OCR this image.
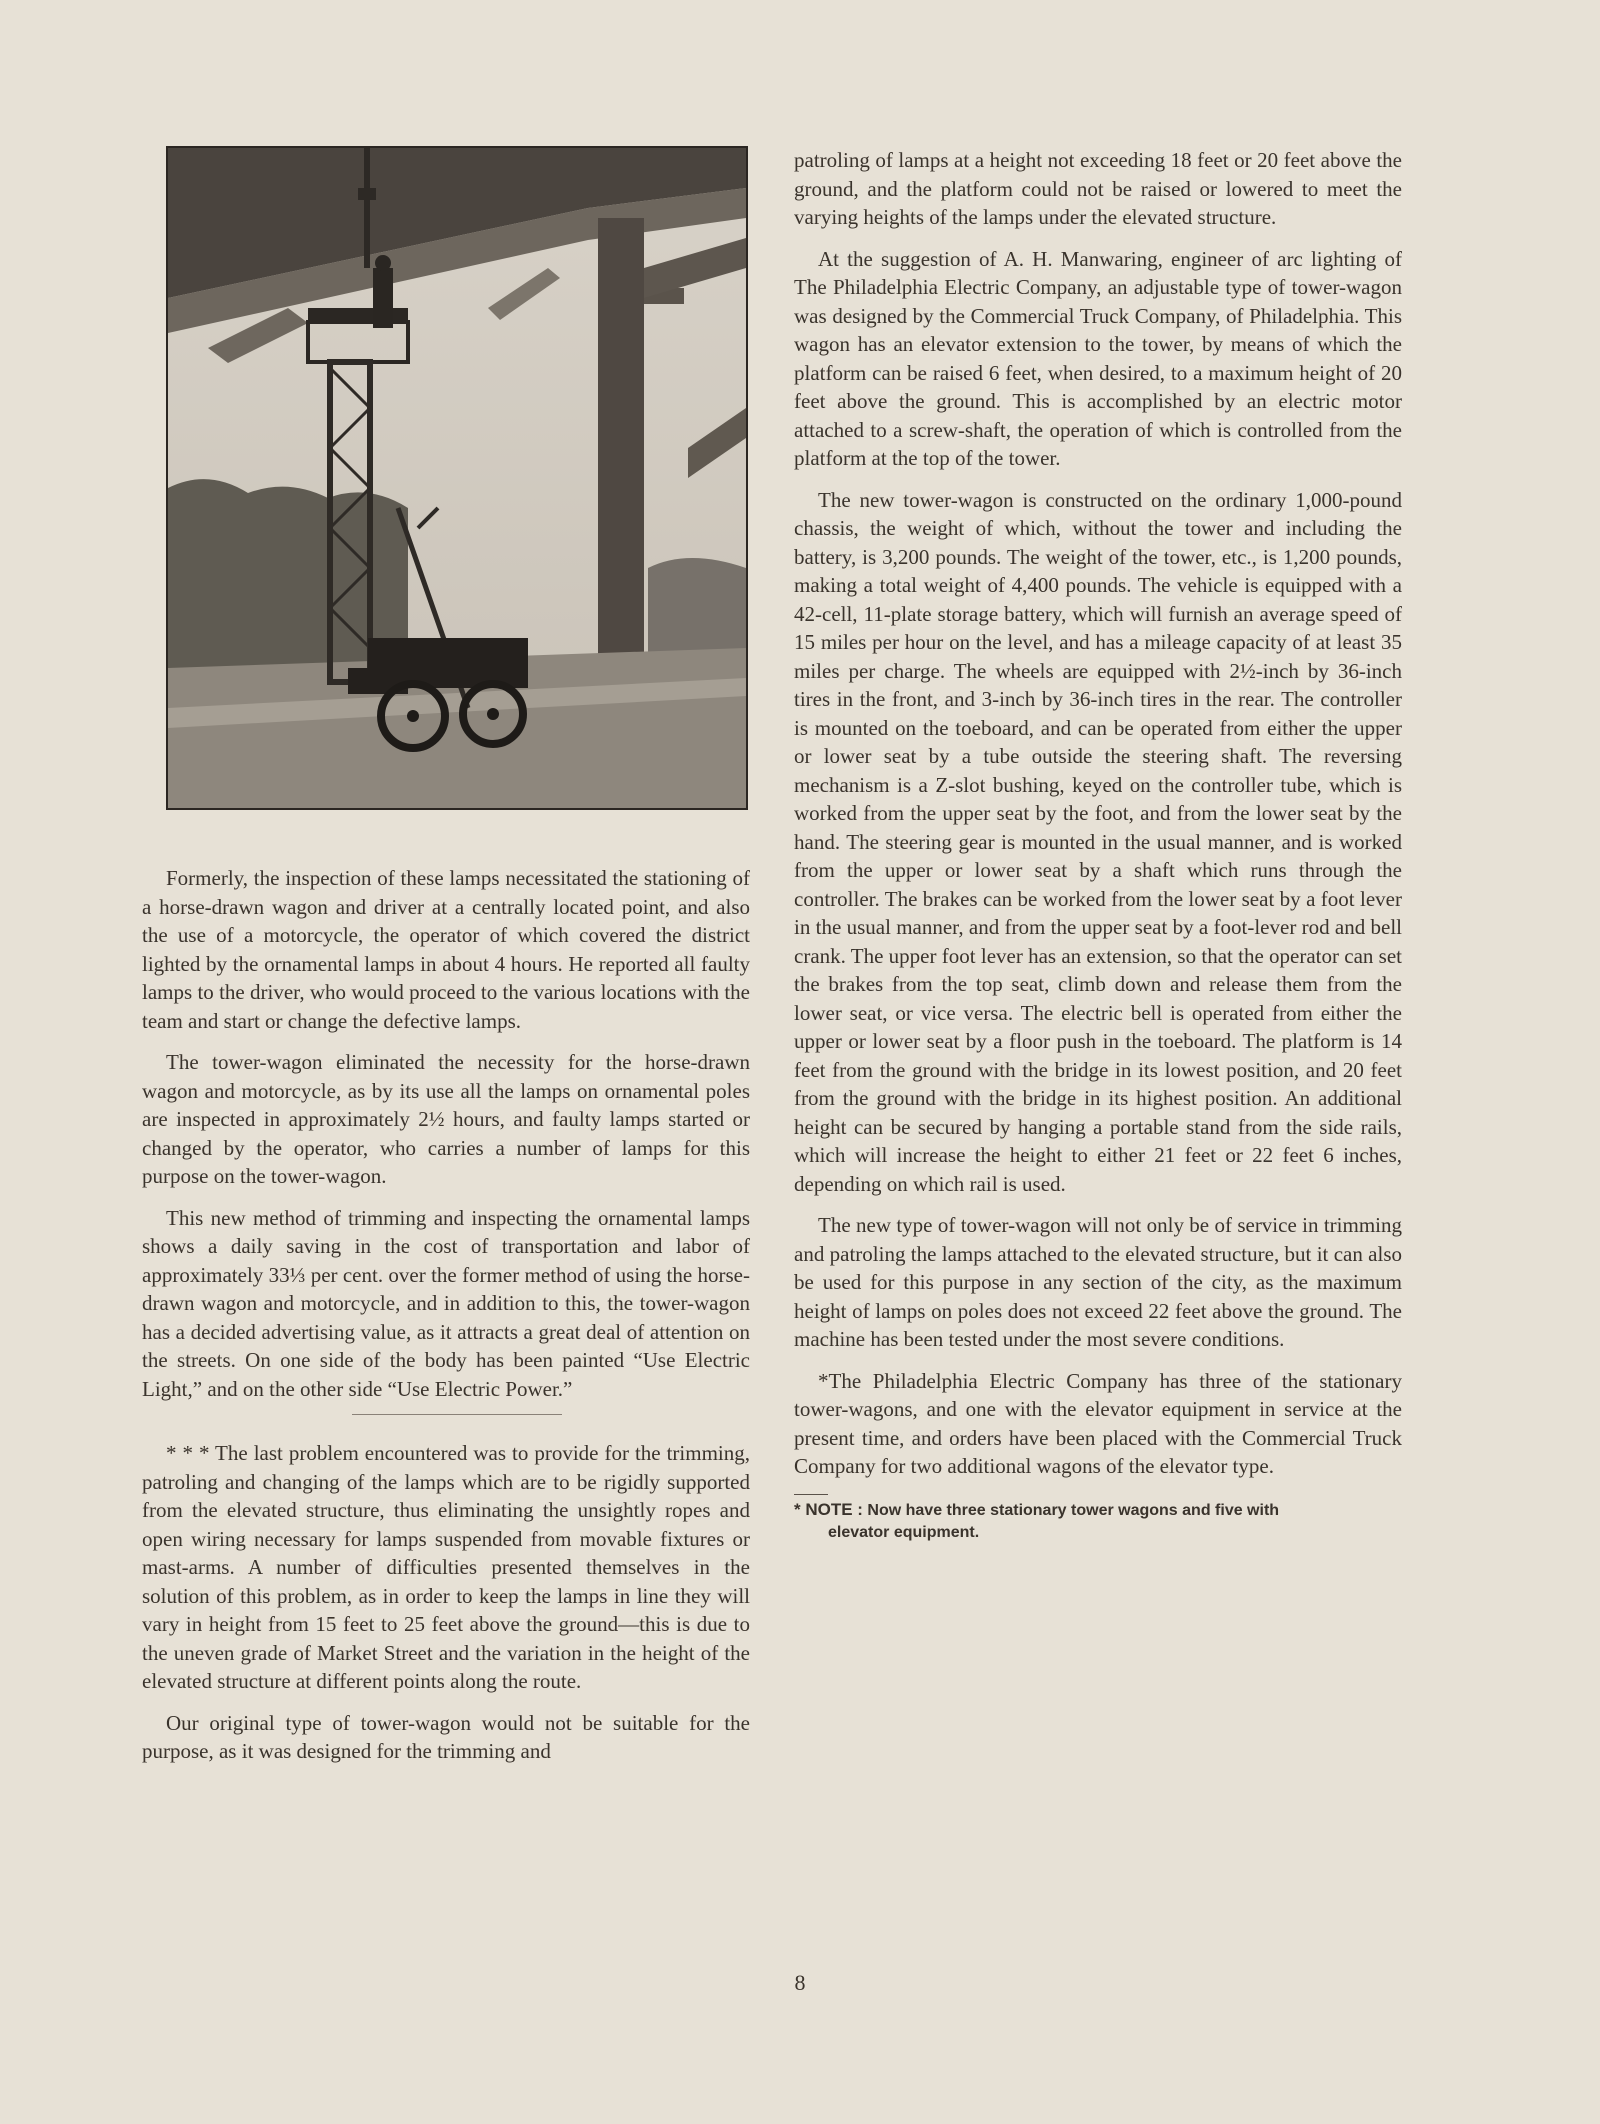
Formerly, the inspection of these lamps necessitated the stationing of a horse-drawn wagon and driver at a centrally located point, and also the use of a motorcycle, the operator of which covered the district lighted by the ornamental lamps in about 4 hours. He reported all faulty lamps to the driver, who would proceed to the various locations with the team and start or change the defective lamps.

The tower-wagon eliminated the necessity for the horse-drawn wagon and motorcycle, as by its use all the lamps on ornamental poles are inspected in approximately 2½ hours, and faulty lamps started or changed by the operator, who carries a number of lamps for this purpose on the tower-wagon.

This new method of trimming and inspecting the ornamental lamps shows a daily saving in the cost of transportation and labor of approximately 33⅓ per cent. over the former method of using the horse-drawn wagon and motorcycle, and in addition to this, the tower-wagon has a decided advertising value, as it attracts a great deal of attention on the streets. On one side of the body has been painted “Use Electric Light,” and on the other side “Use Electric Power.”

* * * The last problem encountered was to provide for the trimming, patroling and changing of the lamps which are to be rigidly supported from the elevated structure, thus eliminating the unsightly ropes and open wiring necessary for lamps suspended from movable fixtures or mast-arms. A number of difficulties presented themselves in the solution of this problem, as in order to keep the lamps in line they will vary in height from 15 feet to 25 feet above the ground—this is due to the uneven grade of Market Street and the variation in the height of the elevated structure at different points along the route.

Our original type of tower-wagon would not be suitable for the purpose, as it was designed for the trimming and

patroling of lamps at a height not exceeding 18 feet or 20 feet above the ground, and the platform could not be raised or lowered to meet the varying heights of the lamps under the elevated structure.

At the suggestion of A. H. Manwaring, engineer of arc lighting of The Philadelphia Electric Company, an adjustable type of tower-wagon was designed by the Commercial Truck Company, of Philadelphia. This wagon has an elevator extension to the tower, by means of which the platform can be raised 6 feet, when desired, to a maximum height of 20 feet above the ground. This is accomplished by an electric motor attached to a screw-shaft, the operation of which is controlled from the platform at the top of the tower.

The new tower-wagon is constructed on the ordinary 1,000-pound chassis, the weight of which, without the tower and including the battery, is 3,200 pounds. The weight of the tower, etc., is 1,200 pounds, making a total weight of 4,400 pounds. The vehicle is equipped with a 42-cell, 11-plate storage battery, which will furnish an average speed of 15 miles per hour on the level, and has a mileage capacity of at least 35 miles per charge. The wheels are equipped with 2½-inch by 36-inch tires in the front, and 3-inch by 36-inch tires in the rear. The controller is mounted on the toeboard, and can be operated from either the upper or lower seat by a tube outside the steering shaft. The reversing mechanism is a Z-slot bushing, keyed on the controller tube, which is worked from the upper seat by the foot, and from the lower seat by the hand. The steering gear is mounted in the usual manner, and is worked from the upper or lower seat by a shaft which runs through the controller. The brakes can be worked from the lower seat by a foot lever in the usual manner, and from the upper seat by a foot-lever rod and bell crank. The upper foot lever has an extension, so that the operator can set the brakes from the top seat, climb down and release them from the lower seat, or vice versa. The electric bell is operated from either the upper or lower seat by a floor push in the toeboard. The platform is 14 feet from the ground with the bridge in its lowest position, and 20 feet from the ground with the bridge in its highest position. An additional height can be secured by hanging a portable stand from the side rails, which will increase the height to either 21 feet or 22 feet 6 inches, depending on which rail is used.

The new type of tower-wagon will not only be of service in trimming and patroling the lamps attached to the elevated structure, but it can also be used for this purpose in any section of the city, as the maximum height of lamps on poles does not exceed 22 feet above the ground. The machine has been tested under the most severe conditions.

*The Philadelphia Electric Company has three of the stationary tower-wagons, and one with the elevator equipment in service at the present time, and orders have been placed with the Commercial Truck Company for two additional wagons of the elevator type.

* NOTE : Now have three stationary tower wagons and five with
elevator equipment.
8
